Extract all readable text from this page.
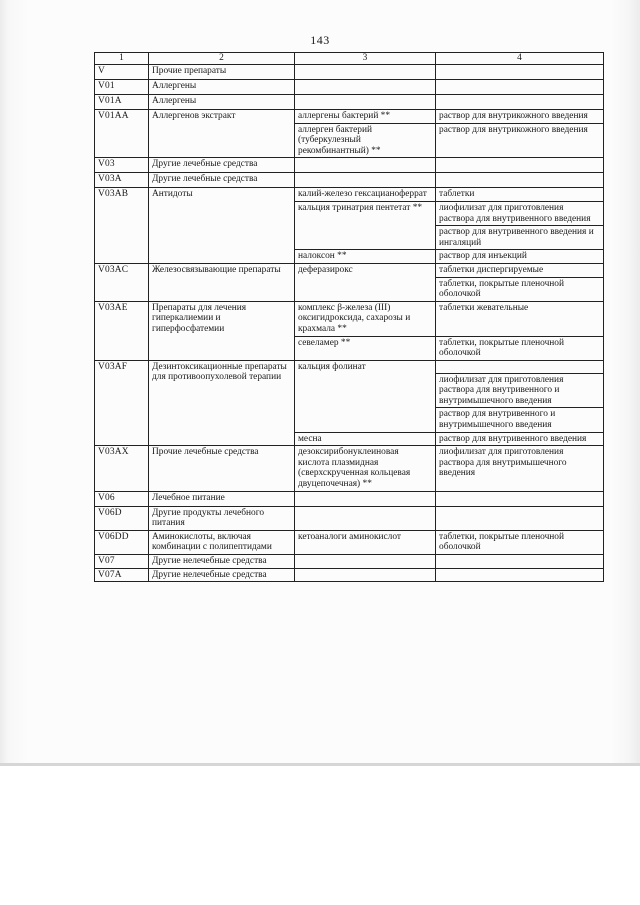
143
1	2	3	4
V	Прочие препараты		
V01	Аллергены		
V01A	Аллергены		
V01AA	Аллергенов экстракт	аллергены бактерий **	раствор для внутрикожного введения
		аллерген бактерий (туберкулезный рекомбинантный) **	раствор для внутрикожного введения
V03	Другие лечебные средства		
V03A	Другие лечебные средства		
V03AB	Антидоты	калий-железо гексацианоферрат	таблетки
		кальция тринатрия пентетат **	лиофилизат для приготовления раствора для внутривенного введения
			раствор для внутривенного введения и ингаляций
		налоксон **	раствор для инъекций
V03AC	Железосвязывающие препараты	деферазирокс	таблетки диспергируемые
			таблетки, покрытые пленочной оболочкой
V03AE	Препараты для лечения гиперкалиемии и гиперфосфатемии	комплекс β-железа (III) оксигидроксида, сахарозы и крахмала **	таблетки жевательные
		севеламер **	таблетки, покрытые пленочной оболочкой
V03AF	Дезинтоксикационные препараты для противоопухолевой терапии	кальция фолинат	
			лиофилизат для приготовления раствора для внутривенного и внутримышечного введения
			раствор для внутривенного и внутримышечного введения
		месна	раствор для внутривенного введения
V03AX	Прочие лечебные средства	дезоксирибонуклеиновая кислота плазмидная (сверхскрученная кольцевая двуцепочечная) **	лиофилизат для приготовления раствора для внутримышечного введения
V06	Лечебное питание		
V06D	Другие продукты лечебного питания		
V06DD	Аминокислоты, включая комбинации с полипептидами	кетоаналоги аминокислот	таблетки, покрытые пленочной оболочкой
V07	Другие нелечебные средства		
V07A	Другие нелечебные средства		
